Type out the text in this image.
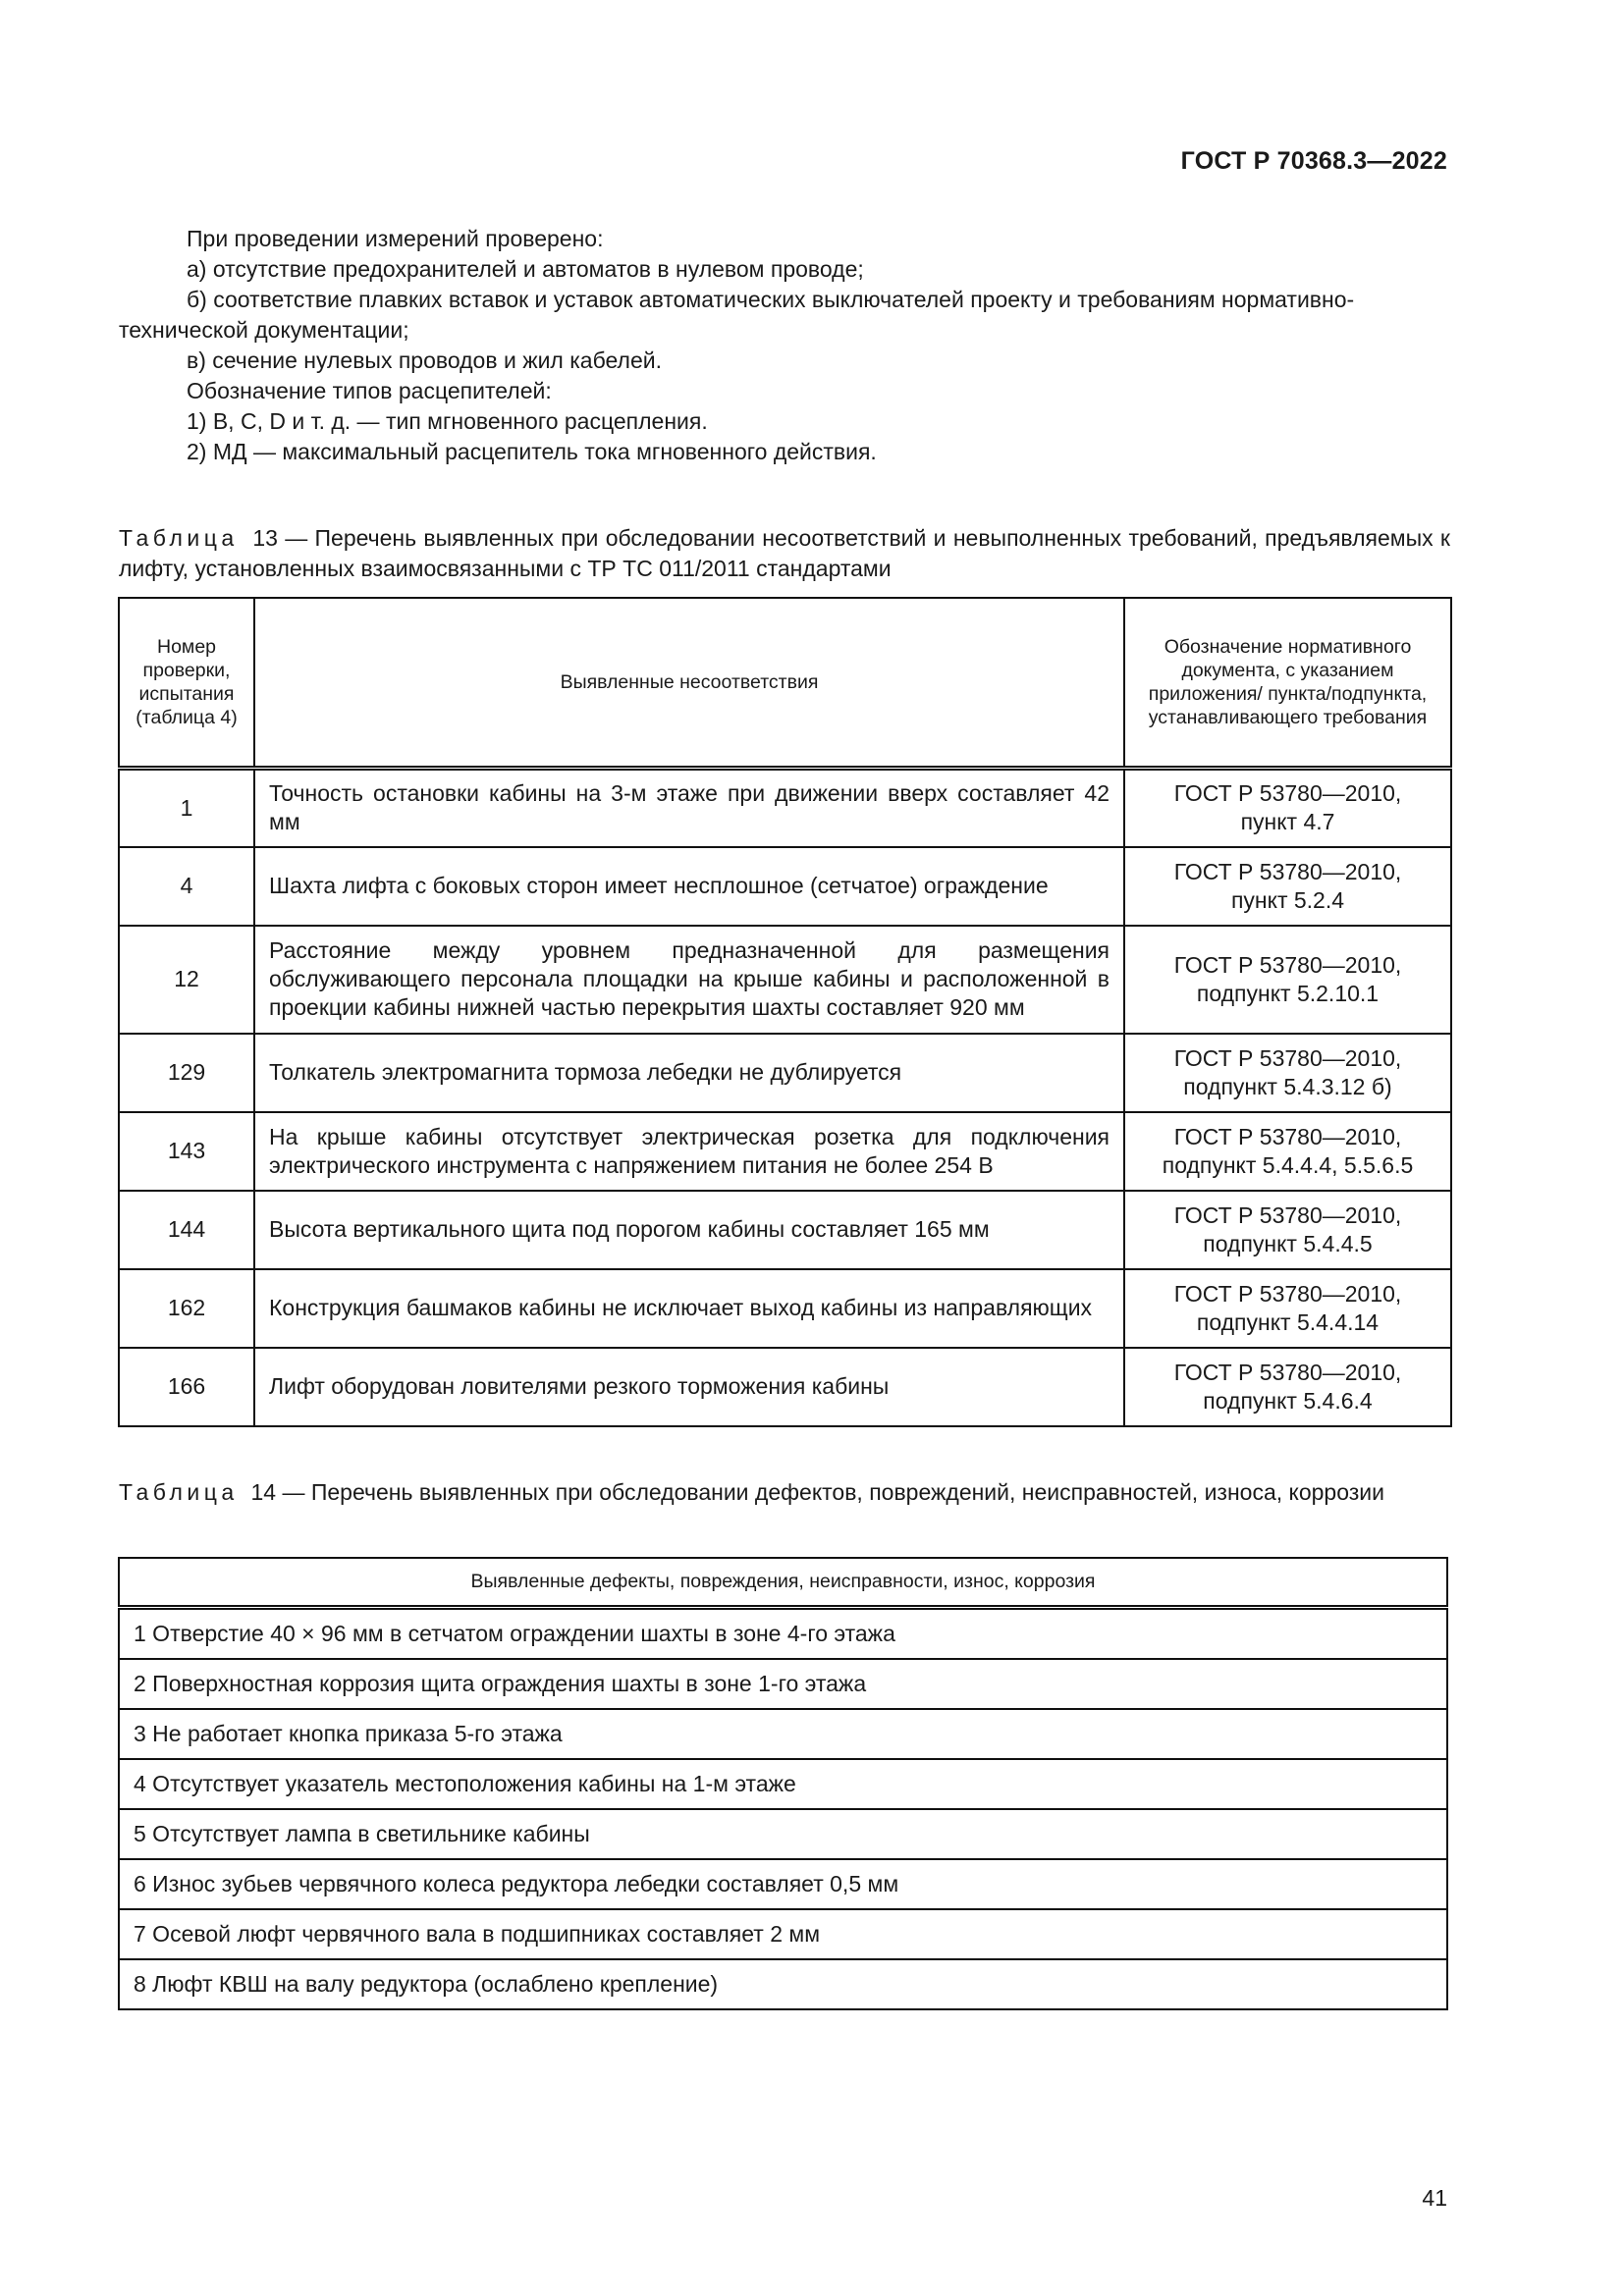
ГОСТ Р 70368.3—2022

При проведении измерений проверено:

а) отсутствие предохранителей и автоматов в нулевом проводе;

б) соответствие плавких вставок и уставок автоматических выключателей проекту и требованиям нормативно-технической документации;

в) сечение нулевых проводов и жил кабелей.

Обозначение типов расцепителей:

1) В, С, D и т. д. — тип мгновенного расцепления.

2) МД — максимальный расцепитель тока мгновенного действия.

Таблица 13 — Перечень выявленных при обследовании несоответствий и невыполненных требований, предъявляемых к лифту, установленных взаимосвязанными с ТР ТС 011/2011 стандартами
Номер проверки, испытания (таблица 4)	Выявленные несоответствия	Обозначение нормативного документа, с указанием приложения/ пункта/подпункта, устанавливающего требования
1	Точность остановки кабины на 3-м этаже при движении вверх составляет 42 мм	ГОСТ Р 53780—2010,
пункт 4.7
4	Шахта лифта с боковых сторон имеет несплошное (сетчатое) ограждение	ГОСТ Р 53780—2010,
пункт 5.2.4
12	Расстояние между уровнем предназначенной для размещения обслуживающего персонала площадки на крыше кабины и расположенной в проекции кабины нижней частью перекрытия шахты составляет 920 мм	ГОСТ Р 53780—2010,
подпункт 5.2.10.1
129	Толкатель электромагнита тормоза лебедки не дублируется	ГОСТ Р 53780—2010,
подпункт 5.4.3.12 б)
143	На крыше кабины отсутствует электрическая розетка для подключения электрического инструмента с напряжением питания не более 254 В	ГОСТ Р 53780—2010,
подпункт 5.4.4.4, 5.5.6.5
144	Высота вертикального щита под порогом кабины составляет 165 мм	ГОСТ Р 53780—2010,
подпункт 5.4.4.5
162	Конструкция башмаков кабины не исключает выход кабины из направляющих	ГОСТ Р 53780—2010,
подпункт 5.4.4.14
166	Лифт оборудован ловителями резкого торможения кабины	ГОСТ Р 53780—2010,
подпункт 5.4.6.4
Таблица 14 — Перечень выявленных при обследовании дефектов, повреждений, неисправностей, износа, коррозии
Выявленные дефекты, повреждения, неисправности, износ, коррозия
1 Отверстие 40 × 96 мм в сетчатом ограждении шахты в зоне 4-го этажа
2 Поверхностная коррозия щита ограждения шахты в зоне 1-го этажа
3 Не работает кнопка приказа 5-го этажа
4 Отсутствует указатель местоположения кабины на 1-м этаже
5 Отсутствует лампа в светильнике кабины
6 Износ зубьев червячного колеса редуктора лебедки составляет 0,5 мм
7 Осевой люфт червячного вала в подшипниках составляет 2 мм
8 Люфт КВШ на валу редуктора (ослаблено крепление)
41
